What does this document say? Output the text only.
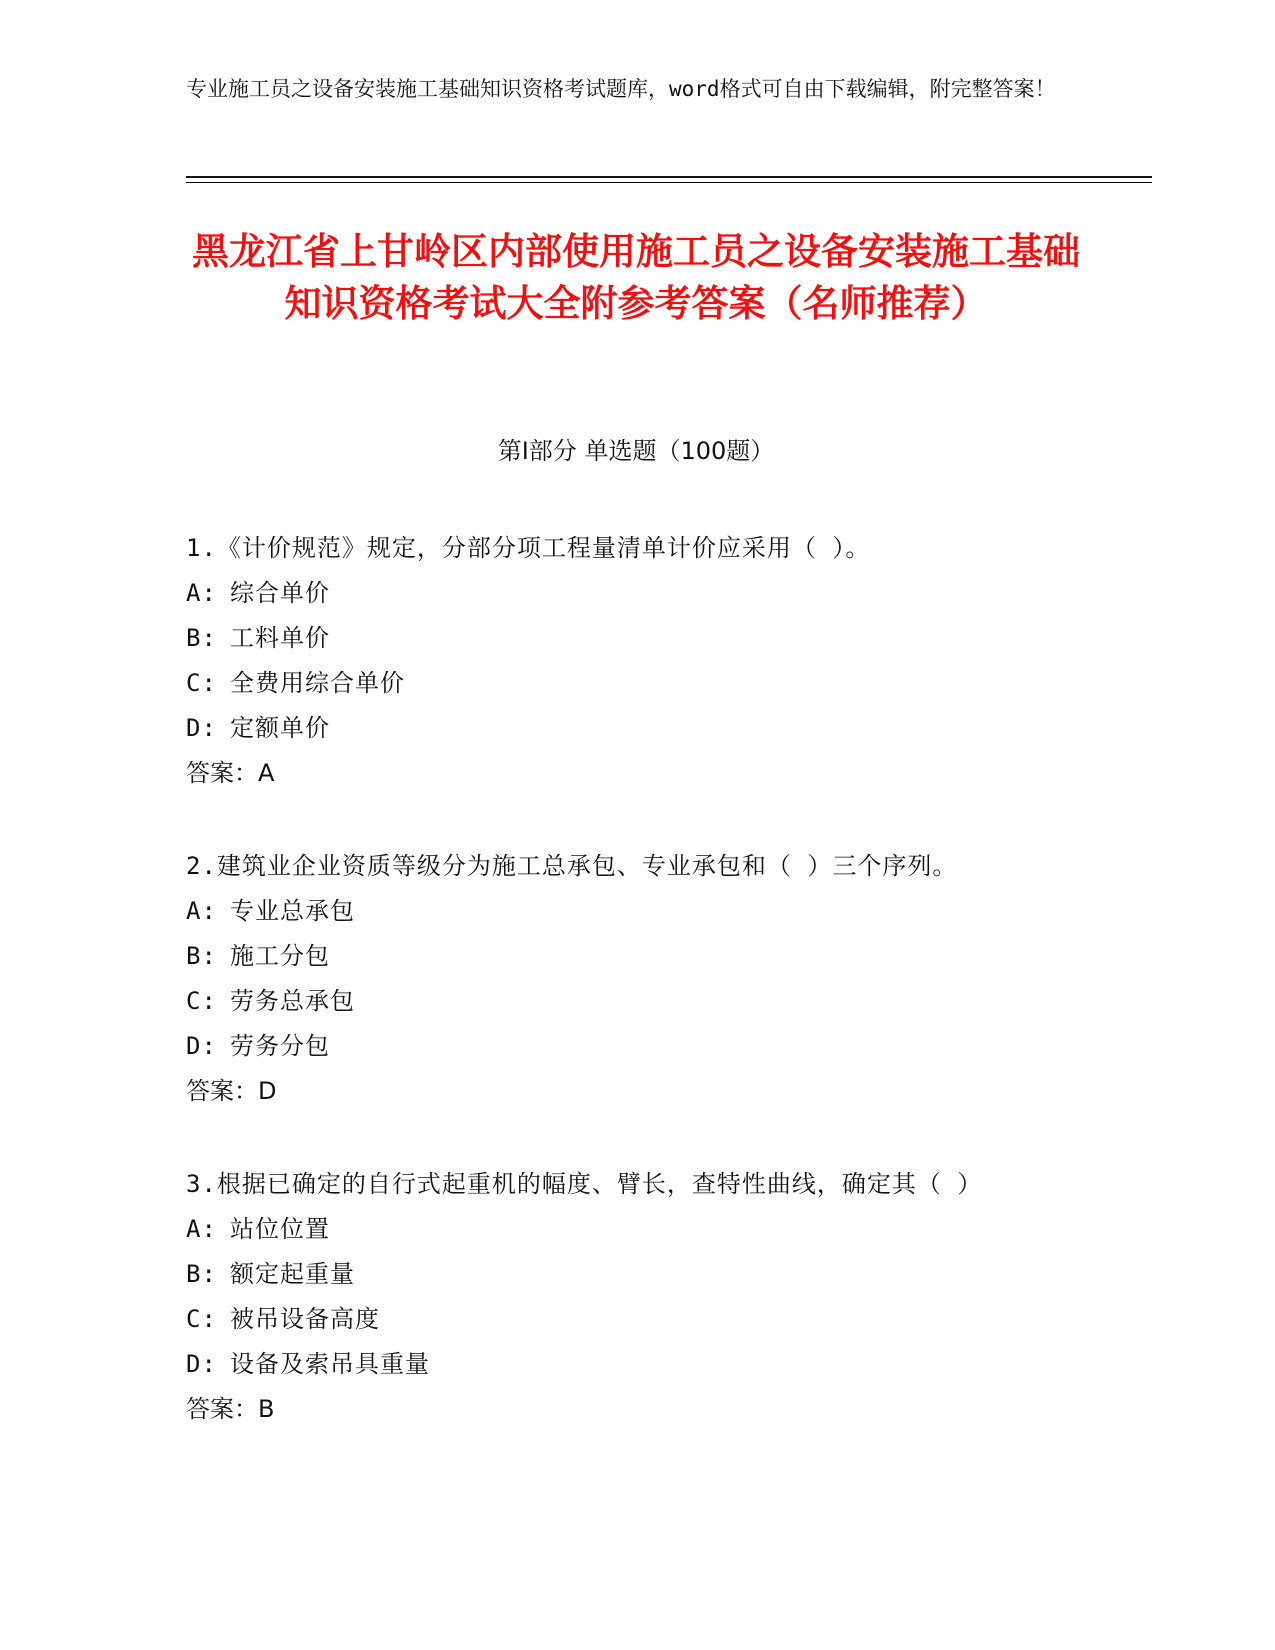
专业施工员之设备安装施工基础知识资格考试题库，word格式可自由下载编辑，附完整答案！
黑龙江省上甘岭区内部使用施工员之设备安装施工基础知识资格考试大全附参考答案（名师推荐）
第Ⅰ部分 单选题（100题）

1.《计价规范》规定，分部分项工程量清单计价应采用（ ）。

A: 综合单价
B: 工料单价
C: 全费用综合单价
D: 定额单价

答案：A

2.建筑业企业资质等级分为施工总承包、专业承包和（ ）三个序列。

A: 专业总承包
B: 施工分包
C: 劳务总承包
D: 劳务分包

答案：D

3.根据已确定的自行式起重机的幅度、臂长，查特性曲线，确定其（ ）

A: 站位位置
B: 额定起重量
C: 被吊设备高度
D: 设备及索吊具重量

答案：B
